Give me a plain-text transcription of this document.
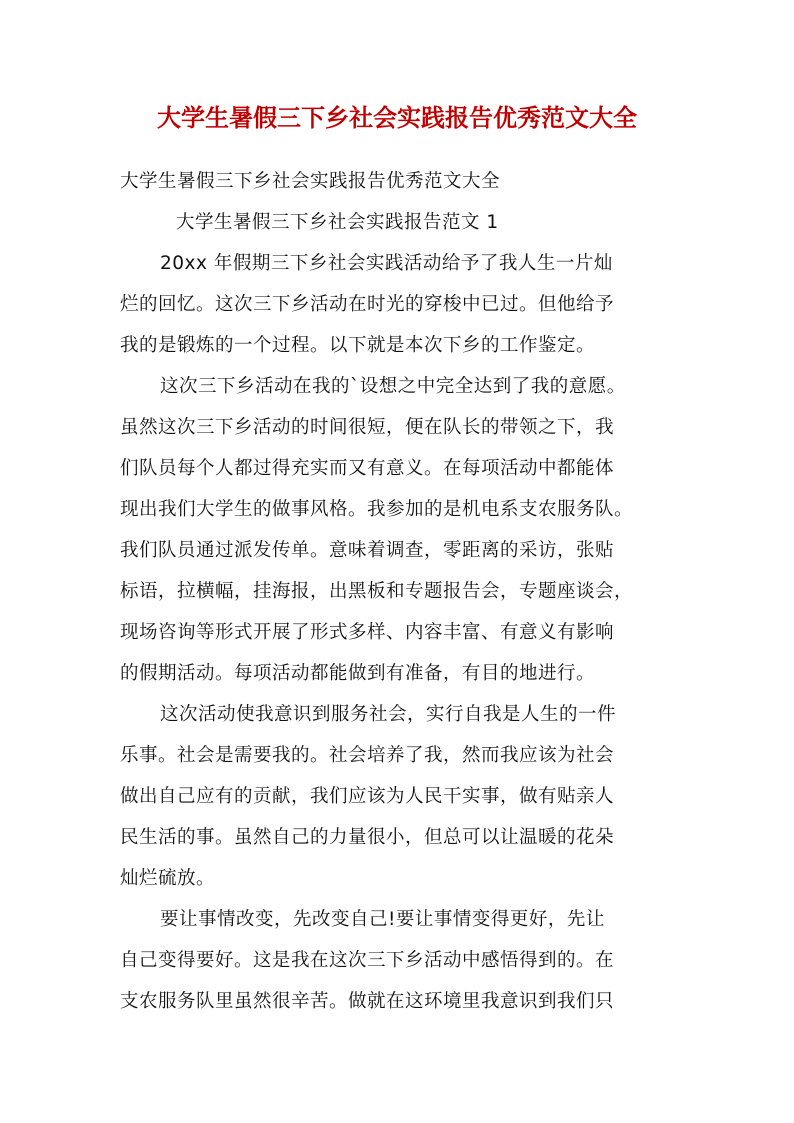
大学生暑假三下乡社会实践报告优秀范文大全
大学生暑假三下乡社会实践报告优秀范文大全
大学生暑假三下乡社会实践报告范文 1
20xx 年假期三下乡社会实践活动给予了我人生一片灿
烂的回忆。这次三下乡活动在时光的穿梭中已过。但他给予
我的是锻炼的一个过程。以下就是本次下乡的工作鉴定。
这次三下乡活动在我的`设想之中完全达到了我的意愿。
虽然这次三下乡活动的时间很短，便在队长的带领之下，我
们队员每个人都过得充实而又有意义。在每项活动中都能体
现出我们大学生的做事风格。我参加的是机电系支农服务队。
我们队员通过派发传单。意味着调查，零距离的采访，张贴
标语，拉横幅，挂海报，出黑板和专题报告会，专题座谈会，
现场咨询等形式开展了形式多样、内容丰富、有意义有影响
的假期活动。每项活动都能做到有准备，有目的地进行。
这次活动使我意识到服务社会，实行自我是人生的一件
乐事。社会是需要我的。社会培养了我，然而我应该为社会
做出自己应有的贡献，我们应该为人民干实事，做有贴亲人
民生活的事。虽然自己的力量很小，但总可以让温暖的花朵
灿烂硫放。
要让事情改变，先改变自己!要让事情变得更好，先让
自己变得要好。这是我在这次三下乡活动中感悟得到的。在
支农服务队里虽然很辛苦。做就在这环境里我意识到我们只
